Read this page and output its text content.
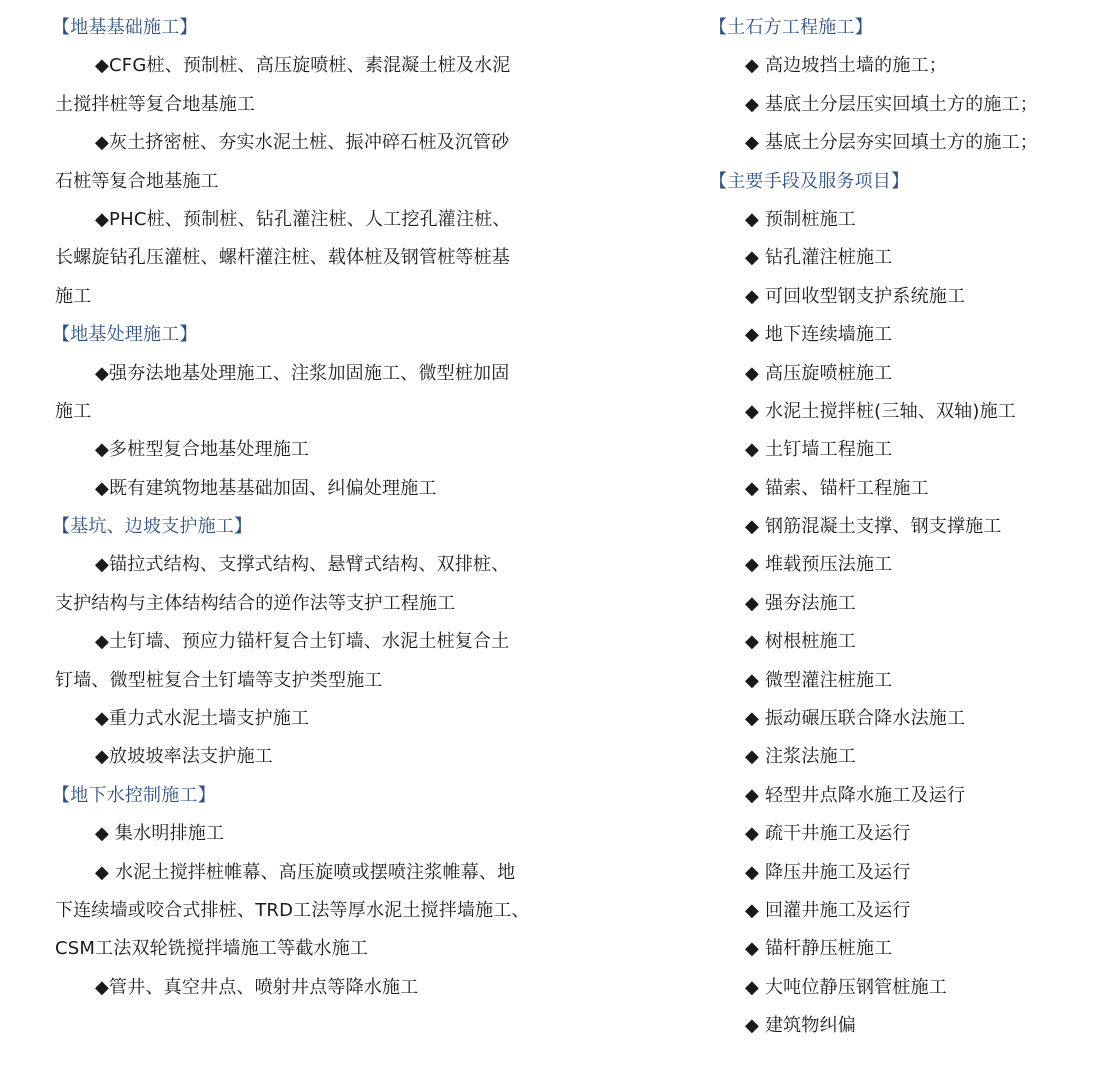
【地基基础施工】
◆CFG桩、预制桩、高压旋喷桩、素混凝土桩及水泥
土搅拌桩等复合地基施工
◆灰土挤密桩、夯实水泥土桩、振冲碎石桩及沉管砂
石桩等复合地基施工
◆PHC桩、预制桩、钻孔灌注桩、人工挖孔灌注桩、
长螺旋钻孔压灌桩、螺杆灌注桩、载体桩及钢管桩等桩基
施工
【地基处理施工】
◆强夯法地基处理施工、注浆加固施工、微型桩加固
施工
◆多桩型复合地基处理施工
◆既有建筑物地基基础加固、纠偏处理施工
【基坑、边坡支护施工】
◆锚拉式结构、支撑式结构、悬臂式结构、双排桩、
支护结构与主体结构结合的逆作法等支护工程施工
◆土钉墙、预应力锚杆复合土钉墙、水泥土桩复合土
钉墙、微型桩复合土钉墙等支护类型施工
◆重力式水泥土墙支护施工
◆放坡坡率法支护施工
【地下水控制施工】
◆ 集水明排施工
◆ 水泥土搅拌桩帷幕、高压旋喷或摆喷注浆帷幕、地
下连续墙或咬合式排桩、TRD工法等厚水泥土搅拌墙施工、
CSM工法双轮铣搅拌墙施工等截水施工
◆管井、真空井点、喷射井点等降水施工
【土石方工程施工】
◆ 高边坡挡土墙的施工；
◆ 基底土分层压实回填土方的施工；
◆ 基底土分层夯实回填土方的施工；
【主要手段及服务项目】
◆ 预制桩施工
◆ 钻孔灌注桩施工
◆ 可回收型钢支护系统施工
◆ 地下连续墙施工
◆ 高压旋喷桩施工
◆ 水泥土搅拌桩(三轴、双轴)施工
◆ 土钉墙工程施工
◆ 锚索、锚杆工程施工
◆ 钢筋混凝土支撑、钢支撑施工
◆ 堆载预压法施工
◆ 强夯法施工
◆ 树根桩施工
◆ 微型灌注桩施工
◆ 振动碾压联合降水法施工
◆ 注浆法施工
◆ 轻型井点降水施工及运行
◆ 疏干井施工及运行
◆ 降压井施工及运行
◆ 回灌井施工及运行
◆ 锚杆静压桩施工
◆ 大吨位静压钢管桩施工
◆ 建筑物纠偏
